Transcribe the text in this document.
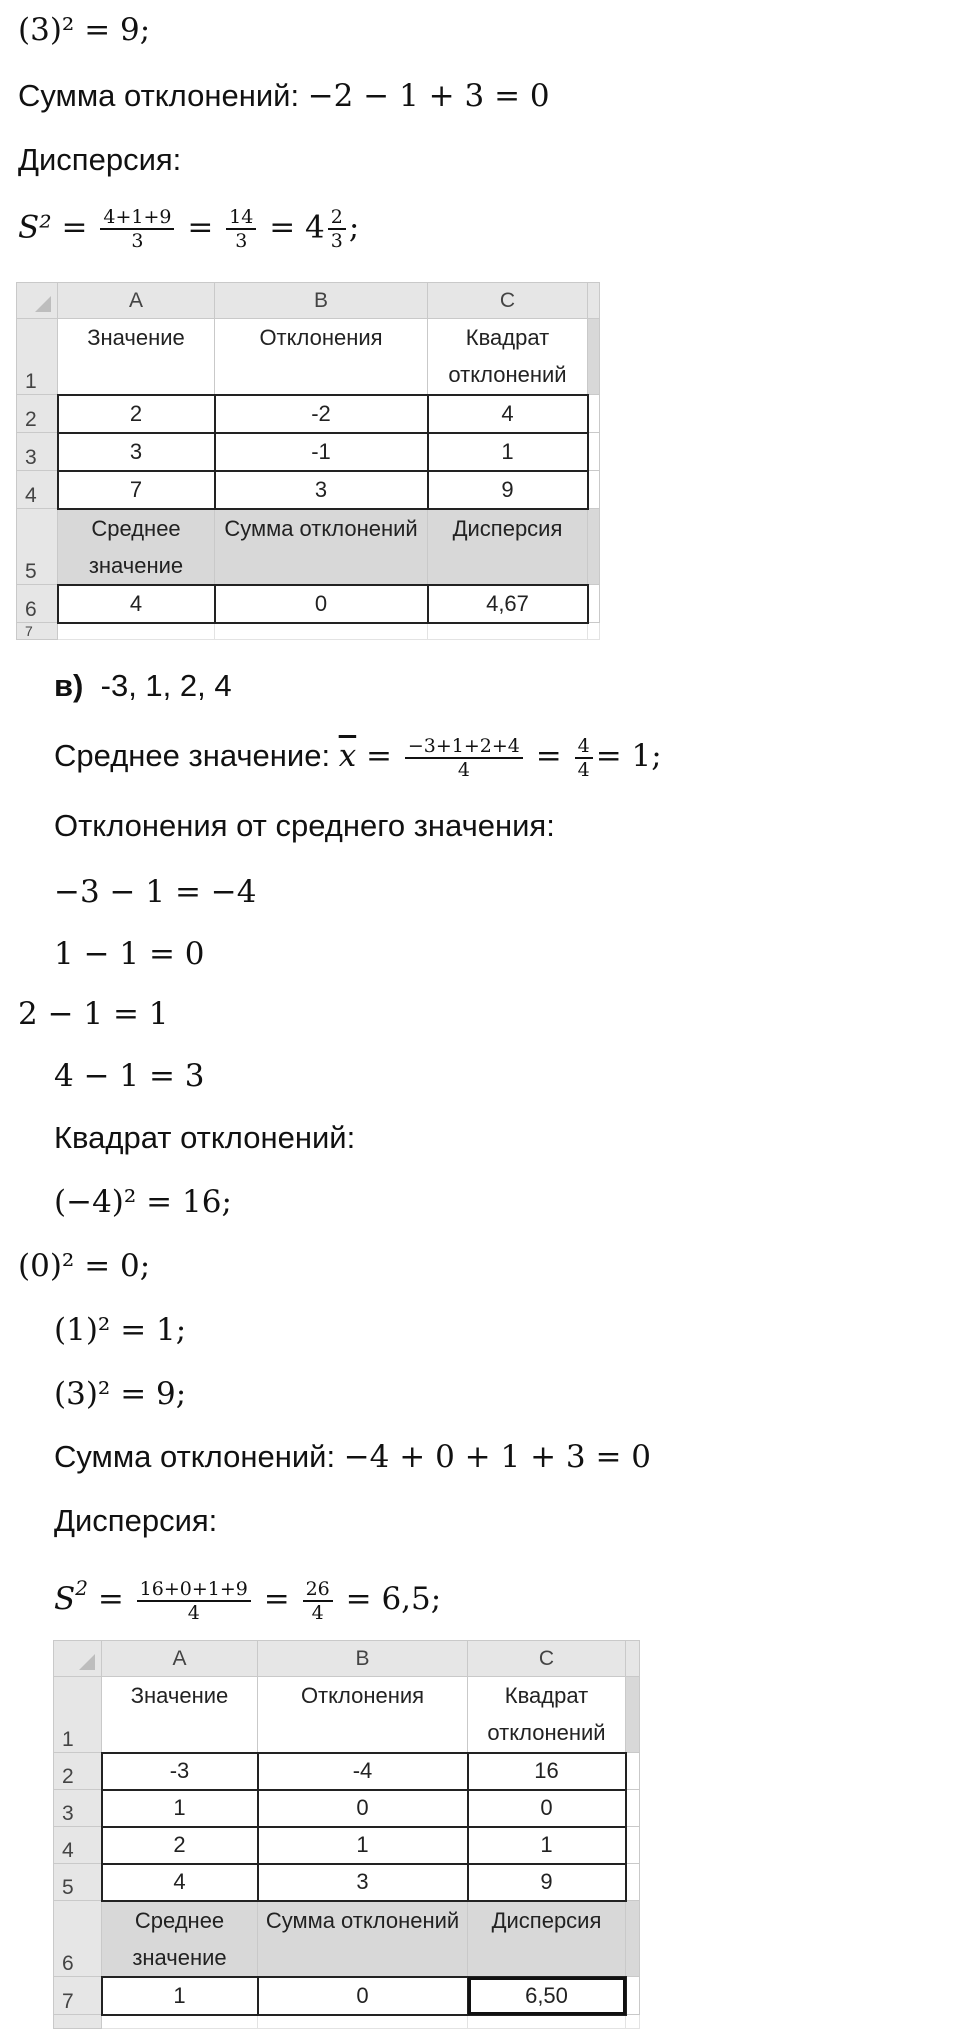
(3)² = 9;
Сумма отклонений: −2 − 1 + 3 = 0
Дисперсия:
$S^2 = \frac{4+1+9}{3} = \frac{14}{3} = 4 \frac{2}{3}$ ;
	A	B	C	
1	Значение	Отклонения	Квадрат отклонений	
2	2	-2	4	
3	3	-1	1	
4	7	3	9	
5	Среднее значение	Сумма отклонений	Дисперсия	
6	4	0	4,67	
7				
в) -3, 1, 2, 4
Среднее значение: $\overline{x} = \frac{-3+1+2+4}{4} = \frac{4}{4} = 1$;
Отклонения от среднего значения:
−3 − 1 = −4
1 − 1 = 0
2 − 1 = 1
4 − 1 = 3
Квадрат отклонений:
(−4)² = 16;
(0)² = 0;
(1)² = 1;
(3)² = 9;
Сумма отклонений: −4 + 0 + 1 + 3 = 0
Дисперсия:
$S^2 = \frac{16+0+1+9}{4} = \frac{26}{4} = 6,5$;
	A	B	C	
1	Значение	Отклонения	Квадрат отклонений	
2	-3	-4	16	
3	1	0	0	
4	2	1	1	
5	4	3	9	
6	Среднее значение	Сумма отклонений	Дисперсия	
7	1	0	6,50	
